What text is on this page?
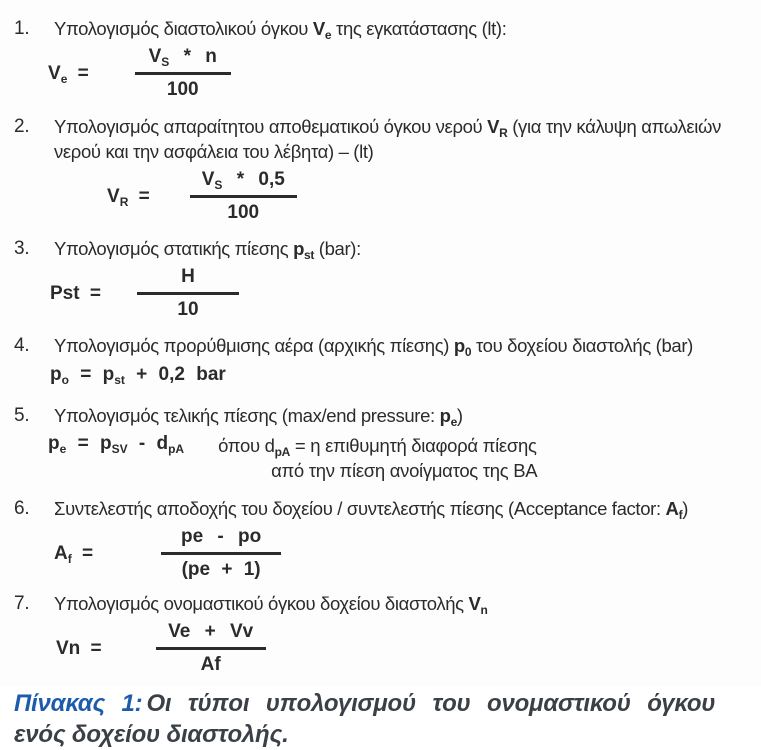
1.	Υπολογισμός διαστολικού όγκου $V_e$ της εγκατάστασης (lt):
$V_e = \frac{V_S * n}{100}$
2.	Υπολογισμός απαραίτητου αποθεματικού όγκου νερού $V_R$ (για την κάλυψη απωλειών
νερού και την ασφάλεια του λέβητα) – (lt)
$V_R = \frac{V_S * 0,5}{100}$
3.	Υπολογισμός στατικής πίεσης $p_{st}$ (bar):
Pst = $\frac{H}{10}$
4.	Υπολογισμός προρύθμισης αέρα (αρχικής πίεσης) $p_0$ του δοχείου διαστολής (bar)
$p_o = p_{st} + 0,2$ bar
5.	Υπολογισμός τελικής πίεσης (max/end pressure: $p_e$)
$p_e = p_{SV} - d_{pA}$ όπου $d_{pA} = \eta$ επιθυμητή διαφορά πίεσης
από την πίεση ανοίγματος της ΒΑ
6.	Συντελεστής αποδοχής του δοχείου / συντελεστής πίεσης (Acceptance factor: $A_f$)
$A_f$ =	$\frac{pe - po}{(pe + 1)}$
7.	Υπολογισμός ονομαστικού όγκου δοχείου διαστολής $V_n$
Vn =	$\frac{Ve + Vv}{Af}$
Πίνακας 1: Οι τύποι υπολογισμού του ονομαστικού όγκου
ενός δοχείου διαστολής.
